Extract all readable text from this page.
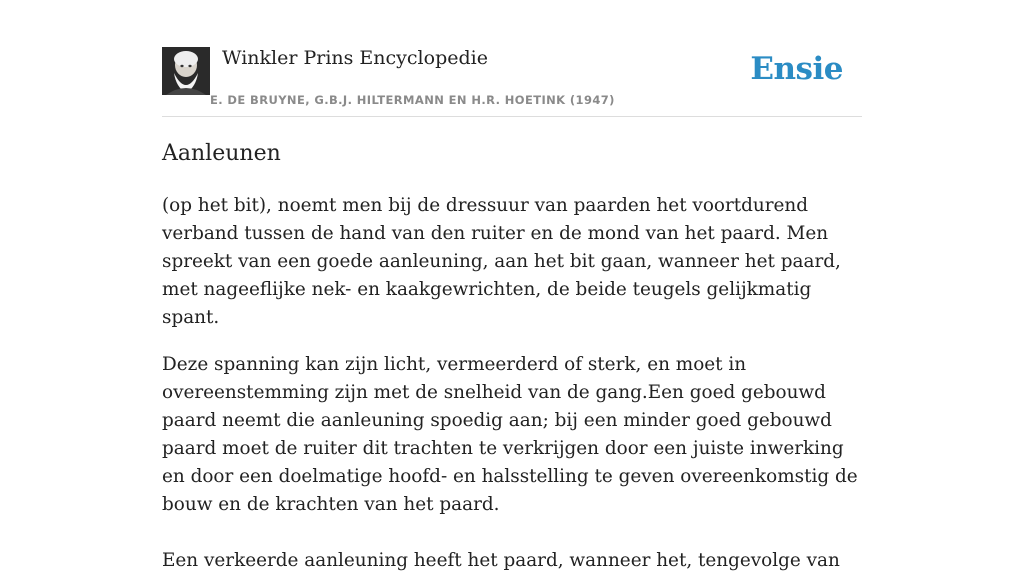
Winkler Prins Encyclopedie
E. DE BRUYNE, G.B.J. HILTERMANN EN H.R. HOETINK (1947)
Ensie
Aanleunen

(op het bit), noemt men bij de dressuur van paarden het voortdurend verband tussen de hand van den ruiter en de mond van het paard. Men spreekt van een goede aanleuning, aan het bit gaan, wanneer het paard, met nageeflijke nek- en kaakgewrichten, de beide teugels gelijkmatig spant.

Deze spanning kan zijn licht, vermeerderd of sterk, en moet in overeenstemming zijn met de snelheid van de gang.Een goed gebouwd paard neemt die aanleuning spoedig aan; bij een minder goed gebouwd paard moet de ruiter dit trachten te verkrijgen door een juiste inwerking en door een doelmatige hoofd- en halsstelling te geven overeenkomstig de bouw en de krachten van het paard.

Een verkeerde aanleuning heeft het paard, wanneer het, tengevolge van
